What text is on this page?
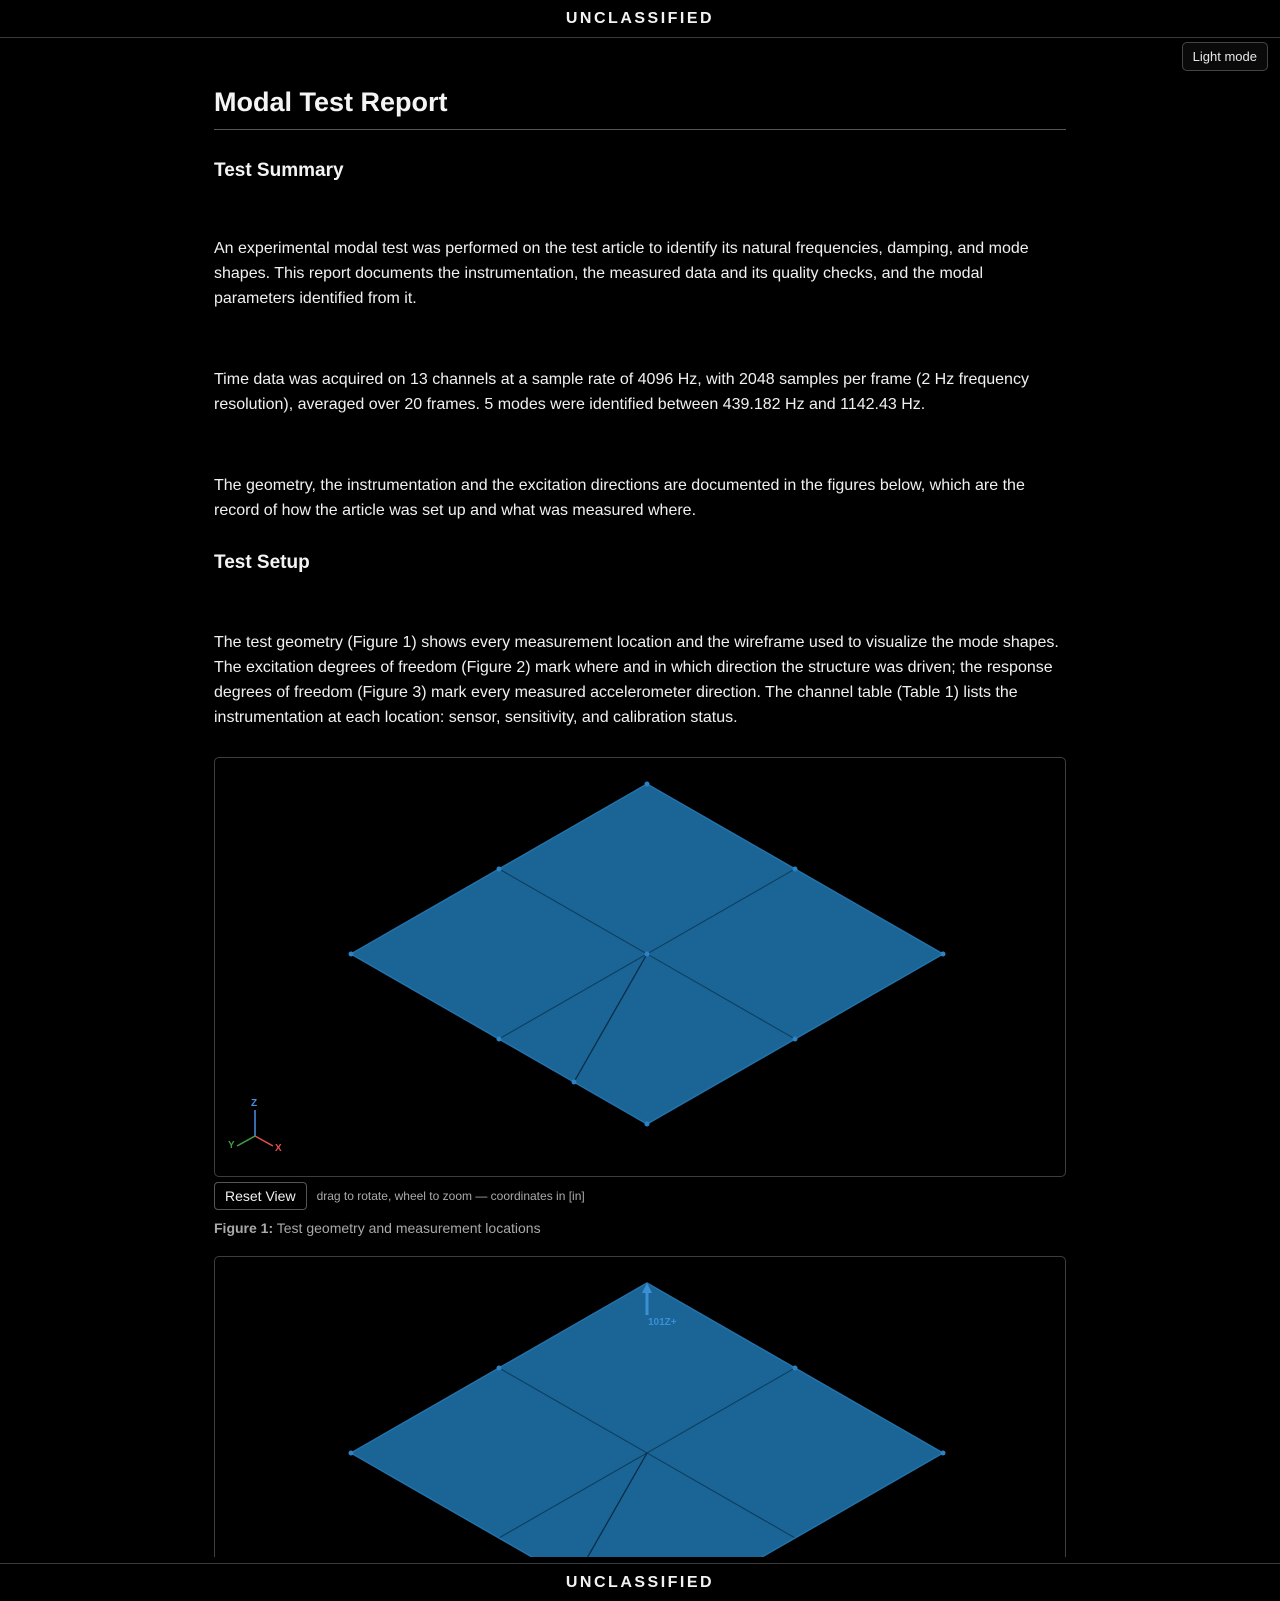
UNCLASSIFIED
Light mode
Modal Test Report
Test Summary

An experimental modal test was performed on the test article to identify its natural frequencies, damping, and mode shapes. This report documents the instrumentation, the measured data and its quality checks, and the modal parameters identified from it.

Time data was acquired on 13 channels at a sample rate of 4096 Hz, with 2048 samples per frame (2 Hz frequency resolution), averaged over 20 frames. 5 modes were identified between 439.182 Hz and 1142.43 Hz.

The geometry, the instrumentation and the excitation directions are documented in the figures below, which are the record of how the article was set up and what was measured where.

Test Setup

The test geometry (Figure 1) shows every measurement location and the wireframe used to visualize the mode shapes. The excitation degrees of freedom (Figure 2) mark where and in which direction the structure was driven; the response degrees of freedom (Figure 3) mark every measured accelerometer direction. The channel table (Table 1) lists the instrumentation at each location: sensor, sensitivity, and calibration status.

Z
X
Y
Reset View	drag to rotate, wheel to zoom — coordinates in [in]
Figure 1: Test geometry and measurement locations
101Z+
UNCLASSIFIED
